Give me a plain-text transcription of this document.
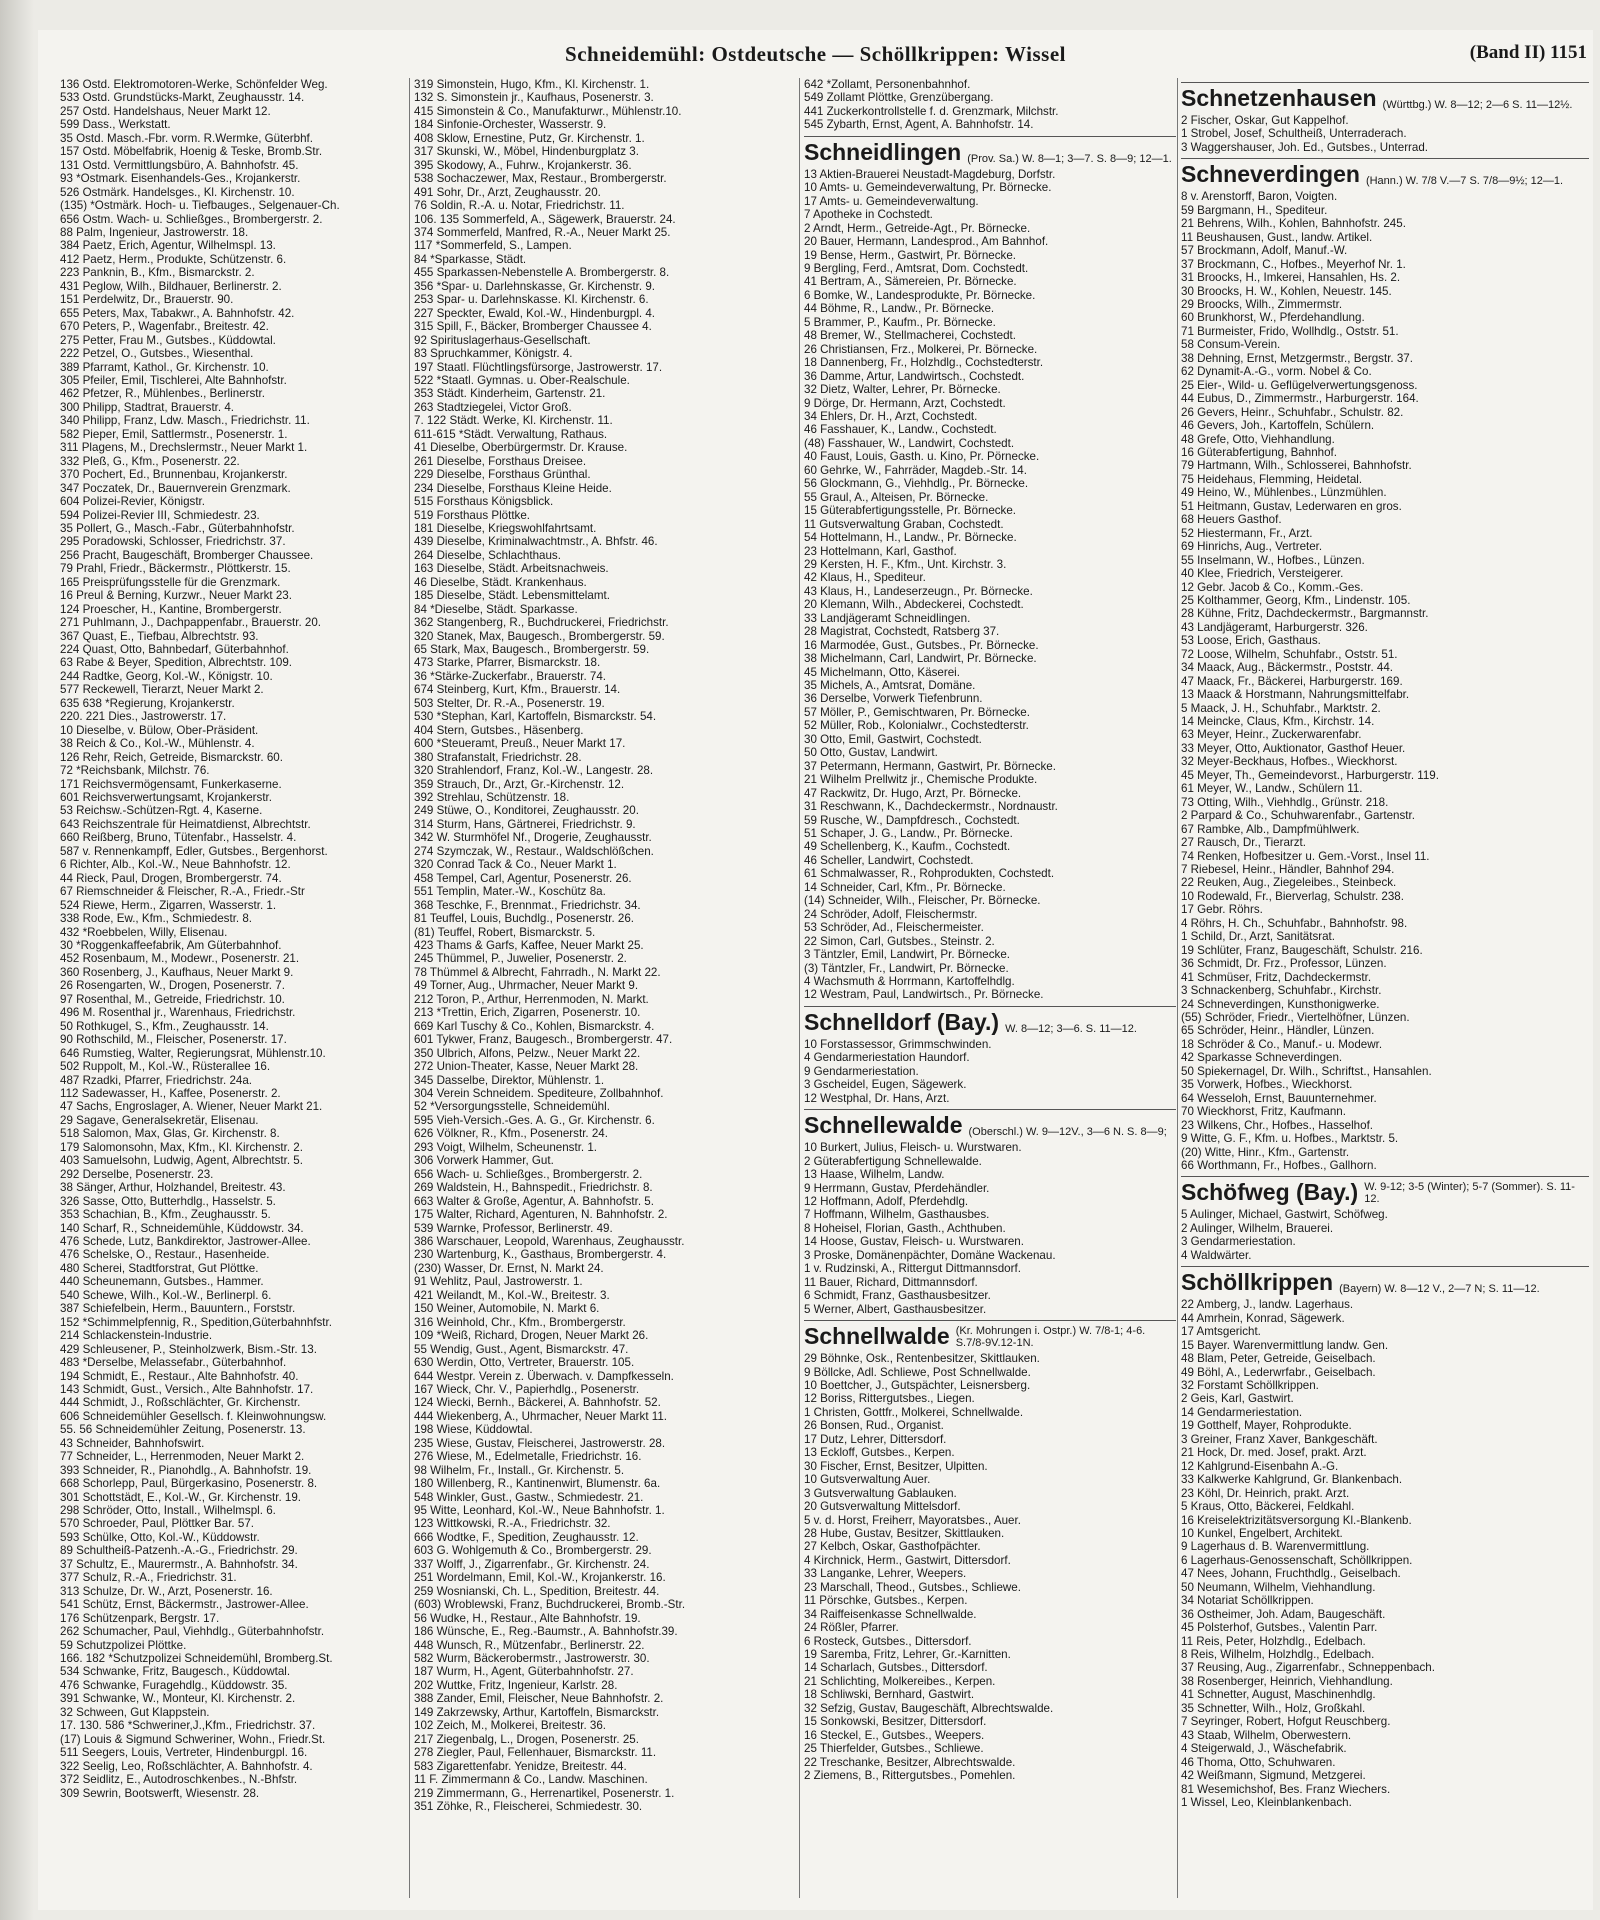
Schneidemühl: Ostdeutsche — Schöllkrippen: Wissel	(Band II) 1151
136 Ostd. Elektromotoren-Werke, Schönfelder Weg.
533 Ostd. Grundstücks-Markt, Zeughausstr. 14.
257 Ostd. Handelshaus, Neuer Markt 12.
599 Dass., Werkstatt.
35 Ostd. Masch.-Fbr. vorm. R.Wermke, Güterbhf.
157 Ostd. Möbelfabrik, Hoenig & Teske, Bromb.Str.
131 Ostd. Vermittlungsbüro, A. Bahnhofstr. 45.
93 *Ostmark. Eisenhandels-Ges., Krojankerstr.
526 Ostmärk. Handelsges., Kl. Kirchenstr. 10.
(135) *Ostmärk. Hoch- u. Tiefbauges., Selgenauer-Ch.
656 Ostm. Wach- u. Schließges., Brombergerstr. 2.
88 Palm, Ingenieur, Jastrowerstr. 18.
384 Paetz, Erich, Agentur, Wilhelmspl. 13.
412 Paetz, Herm., Produkte, Schützenstr. 6.
223 Panknin, B., Kfm., Bismarckstr. 2.
431 Peglow, Wilh., Bildhauer, Berlinerstr. 2.
151 Perdelwitz, Dr., Brauerstr. 90.
655 Peters, Max, Tabakwr., A. Bahnhofstr. 42.
670 Peters, P., Wagenfabr., Breitestr. 42.
275 Petter, Frau M., Gutsbes., Küddowtal.
222 Petzel, O., Gutsbes., Wiesenthal.
389 Pfarramt, Kathol., Gr. Kirchenstr. 10.
305 Pfeiler, Emil, Tischlerei, Alte Bahnhofstr.
462 Pfetzer, R., Mühlenbes., Berlinerstr.
300 Philipp, Stadtrat, Brauerstr. 4.
340 Philipp, Franz, Ldw. Masch., Friedrichstr. 11.
582 Pieper, Emil, Sattlermstr., Posenerstr. 1.
311 Plagens, M., Drechslermstr., Neuer Markt 1.
332 Pleß, G., Kfm., Posenerstr. 22.
370 Pochert, Ed., Brunnenbau, Krojankerstr.
347 Poczatek, Dr., Bauernverein Grenzmark.
604 Polizei-Revier, Königstr.
594 Polizei-Revier III, Schmiedestr. 23.
35 Pollert, G., Masch.-Fabr., Güterbahnhofstr.
295 Poradowski, Schlosser, Friedrichstr. 37.
256 Pracht, Baugeschäft, Bromberger Chaussee.
79 Prahl, Friedr., Bäckermstr., Plöttkerstr. 15.
165 Preisprüfungsstelle für die Grenzmark.
16 Preul & Berning, Kurzwr., Neuer Markt 23.
124 Proescher, H., Kantine, Brombergerstr.
271 Puhlmann, J., Dachpappenfabr., Brauerstr. 20.
367 Quast, E., Tiefbau, Albrechtstr. 93.
224 Quast, Otto, Bahnbedarf, Güterbahnhof.
63 Rabe & Beyer, Spedition, Albrechtstr. 109.
244 Radtke, Georg, Kol.-W., Königstr. 10.
577 Reckewell, Tierarzt, Neuer Markt 2.
635 638 *Regierung, Krojankerstr.
220. 221 Dies., Jastrowerstr. 17.
10 Dieselbe, v. Bülow, Ober-Präsident.
38 Reich & Co., Kol.-W., Mühlenstr. 4.
126 Rehr, Reich, Getreide, Bismarckstr. 60.
72 *Reichsbank, Milchstr. 76.
171 Reichsvermögensamt, Funkerkaserne.
601 Reichsverwertungsamt, Krojankerstr.
53 Reichsw.-Schützen-Rgt. 4, Kaserne.
643 Reichszentrale für Heimatdienst, Albrechtstr.
660 Reißberg, Bruno, Tütenfabr., Hasselstr. 4.
587 v. Rennenkampff, Edler, Gutsbes., Bergenhorst.
6 Richter, Alb., Kol.-W., Neue Bahnhofstr. 12.
44 Rieck, Paul, Drogen, Brombergerstr. 74.
67 Riemschneider & Fleischer, R.-A., Friedr.-Str
524 Riewe, Herm., Zigarren, Wasserstr. 1.
338 Rode, Ew., Kfm., Schmiedestr. 8.
432 *Roebbelen, Willy, Elisenau.
30 *Roggenkaffeefabrik, Am Güterbahnhof.
452 Rosenbaum, M., Modewr., Posenerstr. 21.
360 Rosenberg, J., Kaufhaus, Neuer Markt 9.
26 Rosengarten, W., Drogen, Posenerstr. 7.
97 Rosenthal, M., Getreide, Friedrichstr. 10.
496 M. Rosenthal jr., Warenhaus, Friedrichstr.
50 Rothkugel, S., Kfm., Zeughausstr. 14.
90 Rothschild, M., Fleischer, Posenerstr. 17.
646 Rumstieg, Walter, Regierungsrat, Mühlenstr.10.
502 Ruppolt, M., Kol.-W., Rüsterallee 16.
487 Rzadki, Pfarrer, Friedrichstr. 24a.
112 Sadewasser, H., Kaffee, Posenerstr. 2.
47 Sachs, Engroslager, A. Wiener, Neuer Markt 21.
29 Sagave, Generalsekretär, Elisenau.
518 Salomon, Max, Glas, Gr. Kirchenstr. 8.
179 Salomonsohn, Max, Kfm., Kl. Kirchenstr. 2.
403 Samuelsohn, Ludwig, Agent, Albrechtstr. 5.
292 Derselbe, Posenerstr. 23.
38 Sänger, Arthur, Holzhandel, Breitestr. 43.
326 Sasse, Otto, Butterhdlg., Hasselstr. 5.
353 Schachian, B., Kfm., Zeughausstr. 5.
140 Scharf, R., Schneidemühle, Küddowstr. 34.
476 Schede, Lutz, Bankdirektor, Jastrower-Allee.
476 Schelske, O., Restaur., Hasenheide.
480 Scherei, Stadtforstrat, Gut Plöttke.
440 Scheunemann, Gutsbes., Hammer.
540 Schewe, Wilh., Kol.-W., Berlinerpl. 6.
387 Schiefelbein, Herm., Bauuntern., Forststr.
152 *Schimmelpfennig, R., Spedition,Güterbahnhfstr.
214 Schlackenstein-Industrie.
429 Schleusener, P., Steinholzwerk, Bism.-Str. 13.
483 *Derselbe, Melassefabr., Güterbahnhof.
194 Schmidt, E., Restaur., Alte Bahnhofstr. 40.
143 Schmidt, Gust., Versich., Alte Bahnhofstr. 17.
444 Schmidt, J., Roßschlächter, Gr. Kirchenstr.
606 Schneidemühler Gesellsch. f. Kleinwohnungsw.
55. 56 Schneidemühler Zeitung, Posenerstr. 13.
43 Schneider, Bahnhofswirt.
77 Schneider, L., Herrenmoden, Neuer Markt 2.
393 Schneider, R., Pianohdlg., A. Bahnhofstr. 19.
668 Schorlepp, Paul, Bürgerkasino, Posenerstr. 8.
301 Schottstädt, E., Kol.-W., Gr. Kirchenstr. 19.
298 Schröder, Otto, Install., Wilhelmspl. 6.
570 Schroeder, Paul, Plöttker Bar. 57.
593 Schülke, Otto, Kol.-W., Küddowstr.
89 Schultheiß-Patzenh.-A.-G., Friedrichstr. 29.
37 Schultz, E., Maurermstr., A. Bahnhofstr. 34.
377 Schulz, R.-A., Friedrichstr. 31.
313 Schulze, Dr. W., Arzt, Posenerstr. 16.
541 Schütz, Ernst, Bäckermstr., Jastrower-Allee.
176 Schützenpark, Bergstr. 17.
262 Schumacher, Paul, Viehhdlg., Güterbahnhofstr.
59 Schutzpolizei Plöttke.
166. 182 *Schutzpolizei Schneidemühl, Bromberg.St.
534 Schwanke, Fritz, Baugesch., Küddowtal.
476 Schwanke, Furagehdlg., Küddowstr. 35.
391 Schwanke, W., Monteur, Kl. Kirchenstr. 2.
32 Schween, Gut Klappstein.
17. 130. 586 *Schweriner,J.,Kfm., Friedrichstr. 37.
(17) Louis & Sigmund Schweriner, Wohn., Friedr.St.
511 Seegers, Louis, Vertreter, Hindenburgpl. 16.
322 Seelig, Leo, Roßschlächter, A. Bahnhofstr. 4.
372 Seidlitz, E., Autodroschkenbes., N.-Bhfstr.
309 Sewrin, Bootswerft, Wiesenstr. 28.
319 Simonstein, Hugo, Kfm., Kl. Kirchenstr. 1.
132 S. Simonstein jr., Kaufhaus, Posenerstr. 3.
415 Simonstein & Co., Manufakturwr., Mühlenstr.10.
184 Sinfonie-Orchester, Wasserstr. 9.
408 Sklow, Ernestine, Putz, Gr. Kirchenstr. 1.
317 Skunski, W., Möbel, Hindenburgplatz 3.
395 Skodowy, A., Fuhrw., Krojankerstr. 36.
538 Sochaczewer, Max, Restaur., Brombergerstr.
491 Sohr, Dr., Arzt, Zeughausstr. 20.
76 Soldin, R.-A. u. Notar, Friedrichstr. 11.
106. 135 Sommerfeld, A., Sägewerk, Brauerstr. 24.
374 Sommerfeld, Manfred, R.-A., Neuer Markt 25.
117 *Sommerfeld, S., Lampen.
84 *Sparkasse, Städt.
455 Sparkassen-Nebenstelle A. Brombergerstr. 8.
356 *Spar- u. Darlehnskasse, Gr. Kirchenstr. 9.
253 Spar- u. Darlehnskasse. Kl. Kirchenstr. 6.
227 Speckter, Ewald, Kol.-W., Hindenburgpl. 4.
315 Spill, F., Bäcker, Bromberger Chaussee 4.
92 Spirituslagerhaus-Gesellschaft.
83 Spruchkammer, Königstr. 4.
197 Staatl. Flüchtlingsfürsorge, Jastrowerstr. 17.
522 *Staatl. Gymnas. u. Ober-Realschule.
353 Städt. Kinderheim, Gartenstr. 21.
263 Stadtziegelei, Victor Groß.
7. 122 Städt. Werke, Kl. Kirchenstr. 11.
611-615 *Städt. Verwaltung, Rathaus.
41 Dieselbe, Oberbürgermstr. Dr. Krause.
261 Dieselbe, Forsthaus Dreisee.
229 Dieselbe, Forsthaus Grünthal.
234 Dieselbe, Forsthaus Kleine Heide.
515 Forsthaus Königsblick.
519 Forsthaus Plöttke.
181 Dieselbe, Kriegswohlfahrtsamt.
439 Dieselbe, Kriminalwachtmstr., A. Bhfstr. 46.
264 Dieselbe, Schlachthaus.
163 Dieselbe, Städt. Arbeitsnachweis.
46 Dieselbe, Städt. Krankenhaus.
185 Dieselbe, Städt. Lebensmittelamt.
84 *Dieselbe, Städt. Sparkasse.
362 Stangenberg, R., Buchdruckerei, Friedrichstr.
320 Stanek, Max, Baugesch., Brombergerstr. 59.
65 Stark, Max, Baugesch., Brombergerstr. 59.
473 Starke, Pfarrer, Bismarckstr. 18.
36 *Stärke-Zuckerfabr., Brauerstr. 74.
674 Steinberg, Kurt, Kfm., Brauerstr. 14.
503 Stelter, Dr. R.-A., Posenerstr. 19.
530 *Stephan, Karl, Kartoffeln, Bismarckstr. 54.
404 Stern, Gutsbes., Häsenberg.
600 *Steueramt, Preuß., Neuer Markt 17.
380 Strafanstalt, Friedrichstr. 28.
320 Strahlendorf, Franz, Kol.-W., Langestr. 28.
359 Strauch, Dr., Arzt, Gr.-Kirchenstr. 12.
392 Strehlau, Schützenstr. 18.
249 Stüwe, O., Konditorei, Zeughausstr. 20.
314 Sturm, Hans, Gärtnerei, Friedrichstr. 9.
342 W. Sturmhöfel Nf., Drogerie, Zeughausstr.
274 Szymczak, W., Restaur., Waldschlößchen.
320 Conrad Tack & Co., Neuer Markt 1.
458 Tempel, Carl, Agentur, Posenerstr. 26.
551 Templin, Mater.-W., Koschütz 8a.
368 Teschke, F., Brennmat., Friedrichstr. 34.
81 Teuffel, Louis, Buchdlg., Posenerstr. 26.
(81) Teuffel, Robert, Bismarckstr. 5.
423 Thams & Garfs, Kaffee, Neuer Markt 25.
245 Thümmel, P., Juwelier, Posenerstr. 2.
78 Thümmel & Albrecht, Fahrradh., N. Markt 22.
49 Torner, Aug., Uhrmacher, Neuer Markt 9.
212 Toron, P., Arthur, Herrenmoden, N. Markt.
213 *Trettin, Erich, Zigarren, Posenerstr. 10.
669 Karl Tuschy & Co., Kohlen, Bismarckstr. 4.
601 Tykwer, Franz, Baugesch., Brombergerstr. 47.
350 Ulbrich, Alfons, Pelzw., Neuer Markt 22.
272 Union-Theater, Kasse, Neuer Markt 28.
345 Dasselbe, Direktor, Mühlenstr. 1.
304 Verein Schneidem. Spediteure, Zollbahnhof.
52 *Versorgungsstelle, Schneidemühl.
595 Vieh-Versich.-Ges. A. G., Gr. Kirchenstr. 6.
626 Völkner, R., Kfm., Posenerstr. 24.
293 Voigt, Wilhelm, Scheunenstr. 1.
306 Vorwerk Hammer, Gut.
656 Wach- u. Schließges., Brombergerstr. 2.
269 Waldstein, H., Bahnspedit., Friedrichstr. 8.
663 Walter & Große, Agentur, A. Bahnhofstr. 5.
175 Walter, Richard, Agenturen, N. Bahnhofstr. 2.
539 Warnke, Professor, Berlinerstr. 49.
386 Warschauer, Leopold, Warenhaus, Zeughausstr.
230 Wartenburg, K., Gasthaus, Brombergerstr. 4.
(230) Wasser, Dr. Ernst, N. Markt 24.
91 Wehlitz, Paul, Jastrowerstr. 1.
421 Weilandt, M., Kol.-W., Breitestr. 3.
150 Weiner, Automobile, N. Markt 6.
316 Weinhold, Chr., Kfm., Brombergerstr.
109 *Weiß, Richard, Drogen, Neuer Markt 26.
55 Wendig, Gust., Agent, Bismarckstr. 47.
630 Werdin, Otto, Vertreter, Brauerstr. 105.
644 Westpr. Verein z. Überwach. v. Dampfkesseln.
167 Wieck, Chr. V., Papierhdlg., Posenerstr.
124 Wiecki, Bernh., Bäckerei, A. Bahnhofstr. 52.
444 Wiekenberg, A., Uhrmacher, Neuer Markt 11.
198 Wiese, Küddowtal.
235 Wiese, Gustav, Fleischerei, Jastrowerstr. 28.
276 Wiese, M., Edelmetalle, Friedrichstr. 16.
98 Wilhelm, Fr., Install., Gr. Kirchenstr. 5.
180 Willenberg, R., Kantinenwirt, Blumenstr. 6a.
548 Winkler, Gust., Gastw., Schmiedestr. 21.
95 Witte, Leonhard, Kol.-W., Neue Bahnhofstr. 1.
123 Wittkowski, R.-A., Friedrichstr. 32.
666 Wodtke, F., Spedition, Zeughausstr. 12.
603 G. Wohlgemuth & Co., Brombergerstr. 29.
337 Wolff, J., Zigarrenfabr., Gr. Kirchenstr. 24.
251 Wordelmann, Emil, Kol.-W., Krojankerstr. 16.
259 Wosnianski, Ch. L., Spedition, Breitestr. 44.
(603) Wroblewski, Franz, Buchdruckerei, Bromb.-Str.
56 Wudke, H., Restaur., Alte Bahnhofstr. 19.
186 Wünsche, E., Reg.-Baumstr., A. Bahnhofstr.39.
448 Wunsch, R., Mützenfabr., Berlinerstr. 22.
582 Wurm, Bäckerobermstr., Jastrowerstr. 30.
187 Wurm, H., Agent, Güterbahnhofstr. 27.
202 Wuttke, Fritz, Ingenieur, Karlstr. 28.
388 Zander, Emil, Fleischer, Neue Bahnhofstr. 2.
149 Zakrzewsky, Arthur, Kartoffeln, Bismarckstr.
102 Zeich, M., Molkerei, Breitestr. 36.
217 Ziegenbalg, L., Drogen, Posenerstr. 25.
278 Ziegler, Paul, Fellenhauer, Bismarckstr. 11.
583 Zigarettenfabr. Yenidze, Breitestr. 44.
11 F. Zimmermann & Co., Landw. Maschinen.
219 Zimmermann, G., Herrenartikel, Posenerstr. 1.
351 Zöhke, R., Fleischerei, Schmiedestr. 30.
642 *Zollamt, Personenbahnhof.
549 Zollamt Plöttke, Grenzübergang.
441 Zuckerkontrollstelle f. d. Grenzmark, Milchstr.
545 Zybarth, Ernst, Agent, A. Bahnhofstr. 14.
Schneidlingen (Prov. Sa.) W. 8—1; 3—7. S. 8—9; 12—1.
13 Aktien-Brauerei Neustadt-Magdeburg, Dorfstr.
10 Amts- u. Gemeindeverwaltung, Pr. Börnecke.
17 Amts- u. Gemeindeverwaltung.
7 Apotheke in Cochstedt.
2 Arndt, Herm., Getreide-Agt., Pr. Börnecke.
20 Bauer, Hermann, Landesprod., Am Bahnhof.
19 Bense, Herm., Gastwirt, Pr. Börnecke.
9 Bergling, Ferd., Amtsrat, Dom. Cochstedt.
41 Bertram, A., Sämereien, Pr. Börnecke.
6 Bomke, W., Landesprodukte, Pr. Börnecke.
44 Böhme, R., Landw., Pr. Börnecke.
5 Brammer, P., Kaufm., Pr. Börnecke.
48 Bremer, W., Stellmacherei, Cochstedt.
26 Christiansen, Frz., Molkerei, Pr. Börnecke.
18 Dannenberg, Fr., Holzhdlg., Cochstedterstr.
36 Damme, Artur, Landwirtsch., Cochstedt.
32 Dietz, Walter, Lehrer, Pr. Börnecke.
9 Dörge, Dr. Hermann, Arzt, Cochstedt.
34 Ehlers, Dr. H., Arzt, Cochstedt.
46 Fasshauer, K., Landw., Cochstedt.
(48) Fasshauer, W., Landwirt, Cochstedt.
40 Faust, Louis, Gasth. u. Kino, Pr. Pörnecke.
60 Gehrke, W., Fahrräder, Magdeb.-Str. 14.
56 Glockmann, G., Viehhdlg., Pr. Börnecke.
55 Graul, A., Alteisen, Pr. Börnecke.
15 Güterabfertigungsstelle, Pr. Börnecke.
11 Gutsverwaltung Graban, Cochstedt.
54 Hottelmann, H., Landw., Pr. Börnecke.
23 Hottelmann, Karl, Gasthof.
29 Kersten, H. F., Kfm., Unt. Kirchstr. 3.
42 Klaus, H., Spediteur.
43 Klaus, H., Landeserzeugn., Pr. Börnecke.
20 Klemann, Wilh., Abdeckerei, Cochstedt.
33 Landjägeramt Schneidlingen.
28 Magistrat, Cochstedt, Ratsberg 37.
16 Marmodée, Gust., Gutsbes., Pr. Börnecke.
38 Michelmann, Carl, Landwirt, Pr. Börnecke.
45 Michelmann, Otto, Käserei.
35 Michels, A., Amtsrat, Domäne.
36 Derselbe, Vorwerk Tiefenbrunn.
57 Möller, P., Gemischtwaren, Pr. Börnecke.
52 Müller, Rob., Kolonialwr., Cochstedterstr.
30 Otto, Emil, Gastwirt, Cochstedt.
50 Otto, Gustav, Landwirt.
37 Petermann, Hermann, Gastwirt, Pr. Börnecke.
21 Wilhelm Prellwitz jr., Chemische Produkte.
47 Rackwitz, Dr. Hugo, Arzt, Pr. Börnecke.
31 Reschwann, K., Dachdeckermstr., Nordnaustr.
59 Rusche, W., Dampfdresch., Cochstedt.
51 Schaper, J. G., Landw., Pr. Börnecke.
49 Schellenberg, K., Kaufm., Cochstedt.
46 Scheller, Landwirt, Cochstedt.
61 Schmalwasser, R., Rohprodukten, Cochstedt.
14 Schneider, Carl, Kfm., Pr. Börnecke.
(14) Schneider, Wilh., Fleischer, Pr. Börnecke.
24 Schröder, Adolf, Fleischermstr.
53 Schröder, Ad., Fleischermeister.
22 Simon, Carl, Gutsbes., Steinstr. 2.
3 Täntzler, Emil, Landwirt, Pr. Börnecke.
(3) Täntzler, Fr., Landwirt, Pr. Börnecke.
4 Wachsmuth & Horrmann, Kartoffelhdlg.
12 Westram, Paul, Landwirtsch., Pr. Börnecke.
Schnelldorf (Bay.) W. 8—12; 3—6. S. 11—12.
10 Forstassessor, Grimmschwinden.
4 Gendarmeriestation Haundorf.
9 Gendarmeriestation.
3 Gscheidel, Eugen, Sägewerk.
12 Westphal, Dr. Hans, Arzt.
Schnellewalde (Oberschl.) W. 9—12V., 3—6 N. S. 8—9;
10 Burkert, Julius, Fleisch- u. Wurstwaren.
2 Güterabfertigung Schnellewalde.
13 Haase, Wilhelm, Landw.
9 Herrmann, Gustav, Pferdehändler.
12 Hoffmann, Adolf, Pferdehdlg.
7 Hoffmann, Wilhelm, Gasthausbes.
8 Hoheisel, Florian, Gasth., Achthuben.
14 Hoose, Gustav, Fleisch- u. Wurstwaren.
3 Proske, Domänenpächter, Domäne Wackenau.
1 v. Rudzinski, A., Rittergut Dittmannsdorf.
11 Bauer, Richard, Dittmannsdorf.
6 Schmidt, Franz, Gasthausbesitzer.
5 Werner, Albert, Gasthausbesitzer.
Schnellwalde (Kr. Mohrungen i. Ostpr.) W. 7/8-1; 4-6. S.7/8-9V.12-1N.
29 Böhnke, Osk., Rentenbesitzer, Skittlauken.
9 Böllcke, Adl. Schliewe, Post Schnellwalde.
10 Boettcher, J., Gutspächter, Leisnersberg.
12 Boriss, Rittergutsbes., Liegen.
1 Christen, Gottfr., Molkerei, Schnellwalde.
26 Bonsen, Rud., Organist.
17 Dutz, Lehrer, Dittersdorf.
13 Eckloff, Gutsbes., Kerpen.
30 Fischer, Ernst, Besitzer, Ulpitten.
10 Gutsverwaltung Auer.
3 Gutsverwaltung Gablauken.
20 Gutsverwaltung Mittelsdorf.
5 v. d. Horst, Freiherr, Mayoratsbes., Auer.
28 Hube, Gustav, Besitzer, Skittlauken.
27 Kelbch, Oskar, Gasthofpächter.
4 Kirchnick, Herm., Gastwirt, Dittersdorf.
33 Langanke, Lehrer, Weepers.
23 Marschall, Theod., Gutsbes., Schliewe.
11 Pörschke, Gutsbes., Kerpen.
34 Raiffeisenkasse Schnellwalde.
24 Rößler, Pfarrer.
6 Rosteck, Gutsbes., Dittersdorf.
19 Saremba, Fritz, Lehrer, Gr.-Karnitten.
14 Scharlach, Gutsbes., Dittersdorf.
21 Schlichting, Molkereibes., Kerpen.
18 Schliwski, Bernhard, Gastwirt.
32 Sefzig, Gustav, Baugeschäft, Albrechtswalde.
15 Sonkowski, Besitzer, Dittersdorf.
16 Steckel, E., Gutsbes., Weepers.
25 Thierfelder, Gutsbes., Schliewe.
22 Treschanke, Besitzer, Albrechtswalde.
2 Ziemens, B., Rittergutsbes., Pomehlen.
Schnetzenhausen (Württbg.) W. 8—12; 2—6 S. 11—12½.
2 Fischer, Oskar, Gut Kappelhof.
1 Strobel, Josef, Schultheiß, Unterraderach.
3 Waggershauser, Joh. Ed., Gutsbes., Unterrad.
Schneverdingen (Hann.) W. 7/8 V.—7 S. 7/8—9½; 12—1.
8 v. Arenstorff, Baron, Voigten.
59 Bargmann, H., Spediteur.
21 Behrens, Wilh., Kohlen, Bahnhofstr. 245.
11 Beushausen, Gust., landw. Artikel.
57 Brockmann, Adolf, Manuf.-W.
37 Brockmann, C., Hofbes., Meyerhof Nr. 1.
31 Broocks, H., Imkerei, Hansahlen, Hs. 2.
30 Broocks, H. W., Kohlen, Neuestr. 145.
29 Broocks, Wilh., Zimmermstr.
60 Brunkhorst, W., Pferdehandlung.
71 Burmeister, Frido, Wollhdlg., Oststr. 51.
58 Consum-Verein.
38 Dehning, Ernst, Metzgermstr., Bergstr. 37.
62 Dynamit-A.-G., vorm. Nobel & Co.
25 Eier-, Wild- u. Geflügelverwertungsgenoss.
44 Eubus, D., Zimmermstr., Harburgerstr. 164.
26 Gevers, Heinr., Schuhfabr., Schulstr. 82.
46 Gevers, Joh., Kartoffeln, Schülern.
48 Grefe, Otto, Viehhandlung.
16 Güterabfertigung, Bahnhof.
79 Hartmann, Wilh., Schlosserei, Bahnhofstr.
75 Heidehaus, Flemming, Heidetal.
49 Heino, W., Mühlenbes., Lünzmühlen.
51 Heitmann, Gustav, Lederwaren en gros.
68 Heuers Gasthof.
52 Hiestermann, Fr., Arzt.
69 Hinrichs, Aug., Vertreter.
55 Inselmann, W., Hofbes., Lünzen.
40 Klee, Friedrich, Versteigerer.
12 Gebr. Jacob & Co., Komm.-Ges.
25 Kolthammer, Georg, Kfm., Lindenstr. 105.
28 Kühne, Fritz, Dachdeckermstr., Bargmannstr.
43 Landjägeramt, Harburgerstr. 326.
53 Loose, Erich, Gasthaus.
72 Loose, Wilhelm, Schuhfabr., Oststr. 51.
34 Maack, Aug., Bäckermstr., Poststr. 44.
47 Maack, Fr., Bäckerei, Harburgerstr. 169.
13 Maack & Horstmann, Nahrungsmittelfabr.
5 Maack, J. H., Schuhfabr., Marktstr. 2.
14 Meincke, Claus, Kfm., Kirchstr. 14.
63 Meyer, Heinr., Zuckerwarenfabr.
33 Meyer, Otto, Auktionator, Gasthof Heuer.
32 Meyer-Beckhaus, Hofbes., Wieckhorst.
45 Meyer, Th., Gemeindevorst., Harburgerstr. 119.
61 Meyer, W., Landw., Schülern 11.
73 Otting, Wilh., Viehhdlg., Grünstr. 218.
2 Parpard & Co., Schuhwarenfabr., Gartenstr.
67 Rambke, Alb., Dampfmühlwerk.
27 Rausch, Dr., Tierarzt.
74 Renken, Hofbesitzer u. Gem.-Vorst., Insel 11.
7 Riebesel, Heinr., Händler, Bahnhof 294.
22 Reuken, Aug., Ziegeleibes., Steinbeck.
10 Rodewald, Fr., Bierverlag, Schulstr. 238.
17 Gebr. Röhrs.
4 Röhrs, H. Ch., Schuhfabr., Bahnhofstr. 98.
1 Schild, Dr., Arzt, Sanitätsrat.
19 Schlüter, Franz, Baugeschäft, Schulstr. 216.
36 Schmidt, Dr. Frz., Professor, Lünzen.
41 Schmüser, Fritz, Dachdeckermstr.
3 Schnackenberg, Schuhfabr., Kirchstr.
24 Schneverdingen, Kunsthonigwerke.
(55) Schröder, Friedr., Viertelhöfner, Lünzen.
65 Schröder, Heinr., Händler, Lünzen.
18 Schröder & Co., Manuf.- u. Modewr.
42 Sparkasse Schneverdingen.
50 Spiekernagel, Dr. Wilh., Schriftst., Hansahlen.
35 Vorwerk, Hofbes., Wieckhorst.
64 Wesseloh, Ernst, Bauunternehmer.
70 Wieckhorst, Fritz, Kaufmann.
23 Wilkens, Chr., Hofbes., Hasselhof.
9 Witte, G. F., Kfm. u. Hofbes., Marktstr. 5.
(20) Witte, Hinr., Kfm., Gartenstr.
66 Worthmann, Fr., Hofbes., Gallhorn.
Schöfweg (Bay.) W. 9-12; 3-5 (Winter); 5-7 (Sommer). S. 11-12.
5 Aulinger, Michael, Gastwirt, Schöfweg.
2 Aulinger, Wilhelm, Brauerei.
3 Gendarmeriestation.
4 Waldwärter.
Schöllkrippen (Bayern) W. 8—12 V., 2—7 N; S. 11—12.
22 Amberg, J., landw. Lagerhaus.
44 Amrhein, Konrad, Sägewerk.
17 Amtsgericht.
15 Bayer. Warenvermittlung landw. Gen.
48 Blam, Peter, Getreide, Geiselbach.
49 Böhl, A., Lederwrfabr., Geiselbach.
32 Forstamt Schöllkrippen.
2 Geis, Karl, Gastwirt.
14 Gendarmeriestation.
19 Gotthelf, Mayer, Rohprodukte.
3 Greiner, Franz Xaver, Bankgeschäft.
21 Hock, Dr. med. Josef, prakt. Arzt.
12 Kahlgrund-Eisenbahn A.-G.
33 Kalkwerke Kahlgrund, Gr. Blankenbach.
23 Köhl, Dr. Heinrich, prakt. Arzt.
5 Kraus, Otto, Bäckerei, Feldkahl.
16 Kreiselektrizitätsversorgung Kl.-Blankenb.
10 Kunkel, Engelbert, Architekt.
9 Lagerhaus d. B. Warenvermittlung.
6 Lagerhaus-Genossenschaft, Schöllkrippen.
47 Nees, Johann, Fruchthdlg., Geiselbach.
50 Neumann, Wilhelm, Viehhandlung.
34 Notariat Schöllkrippen.
36 Ostheimer, Joh. Adam, Baugeschäft.
45 Polsterhof, Gutsbes., Valentin Parr.
11 Reis, Peter, Holzhdlg., Edelbach.
8 Reis, Wilhelm, Holzhdlg., Edelbach.
37 Reusing, Aug., Zigarrenfabr., Schneppenbach.
38 Rosenberger, Heinrich, Viehhandlung.
41 Schnetter, August, Maschinenhdlg.
35 Schnetter, Wilh., Holz, Großkahl.
7 Seyringer, Robert, Hofgut Reuschberg.
43 Staab, Wilhelm, Oberwestern.
4 Steigerwald, J., Wäschefabrik.
46 Thoma, Otto, Schuhwaren.
42 Weißmann, Sigmund, Metzgerei.
81 Wesemichshof, Bes. Franz Wiechers.
1 Wissel, Leo, Kleinblankenbach.
